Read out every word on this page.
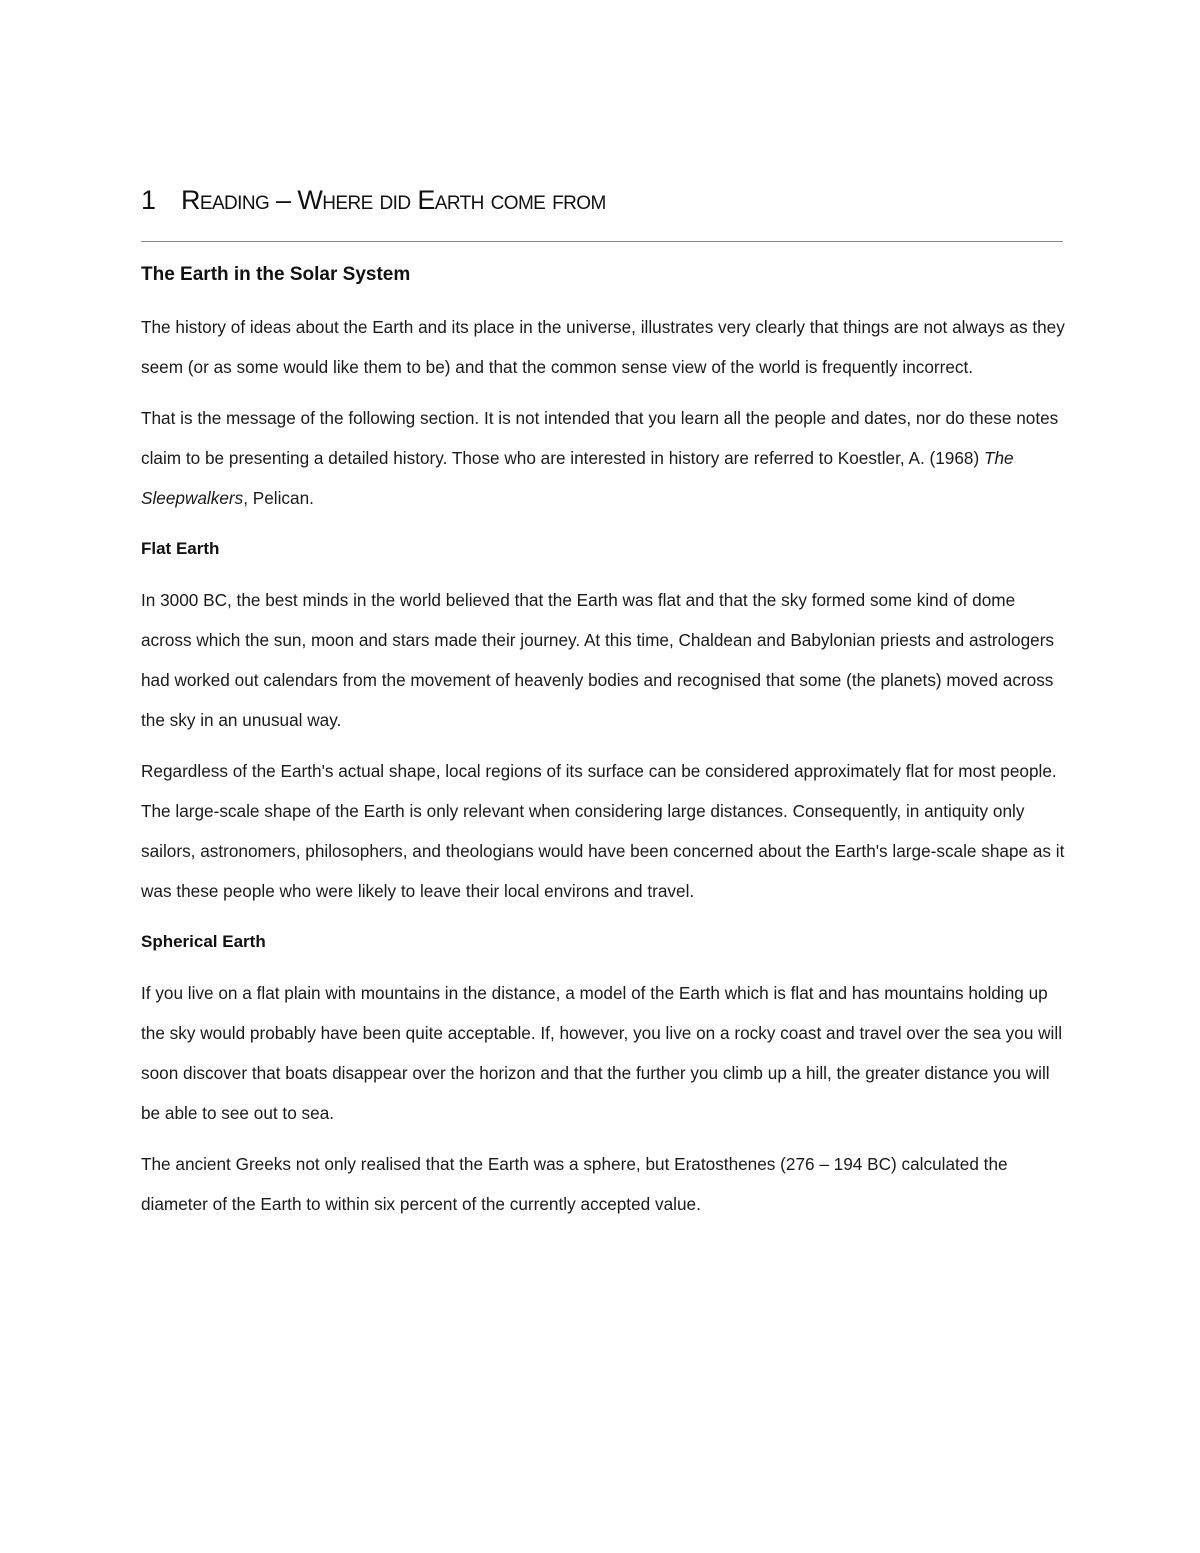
1 Reading – Where did Earth come from
The Earth in the Solar System
The history of ideas about the Earth and its place in the universe, illustrates very clearly that things are not always as they seem (or as some would like them to be) and that the common sense view of the world is frequently incorrect.
That is the message of the following section. It is not intended that you learn all the people and dates, nor do these notes claim to be presenting a detailed history. Those who are interested in history are referred to Koestler, A. (1968) The Sleepwalkers, Pelican.
Flat Earth
In 3000 BC, the best minds in the world believed that the Earth was flat and that the sky formed some kind of dome across which the sun, moon and stars made their journey. At this time, Chaldean and Babylonian priests and astrologers had worked out calendars from the movement of heavenly bodies and recognised that some (the planets) moved across the sky in an unusual way.
Regardless of the Earth's actual shape, local regions of its surface can be considered approximately flat for most people. The large-scale shape of the Earth is only relevant when considering large distances. Consequently, in antiquity only sailors, astronomers, philosophers, and theologians would have been concerned about the Earth's large-scale shape as it was these people who were likely to leave their local environs and travel.
Spherical Earth
If you live on a flat plain with mountains in the distance, a model of the Earth which is flat and has mountains holding up the sky would probably have been quite acceptable. If, however, you live on a rocky coast and travel over the sea you will soon discover that boats disappear over the horizon and that the further you climb up a hill, the greater distance you will be able to see out to sea.
The ancient Greeks not only realised that the Earth was a sphere, but Eratosthenes (276 – 194 BC) calculated the diameter of the Earth to within six percent of the currently accepted value.
